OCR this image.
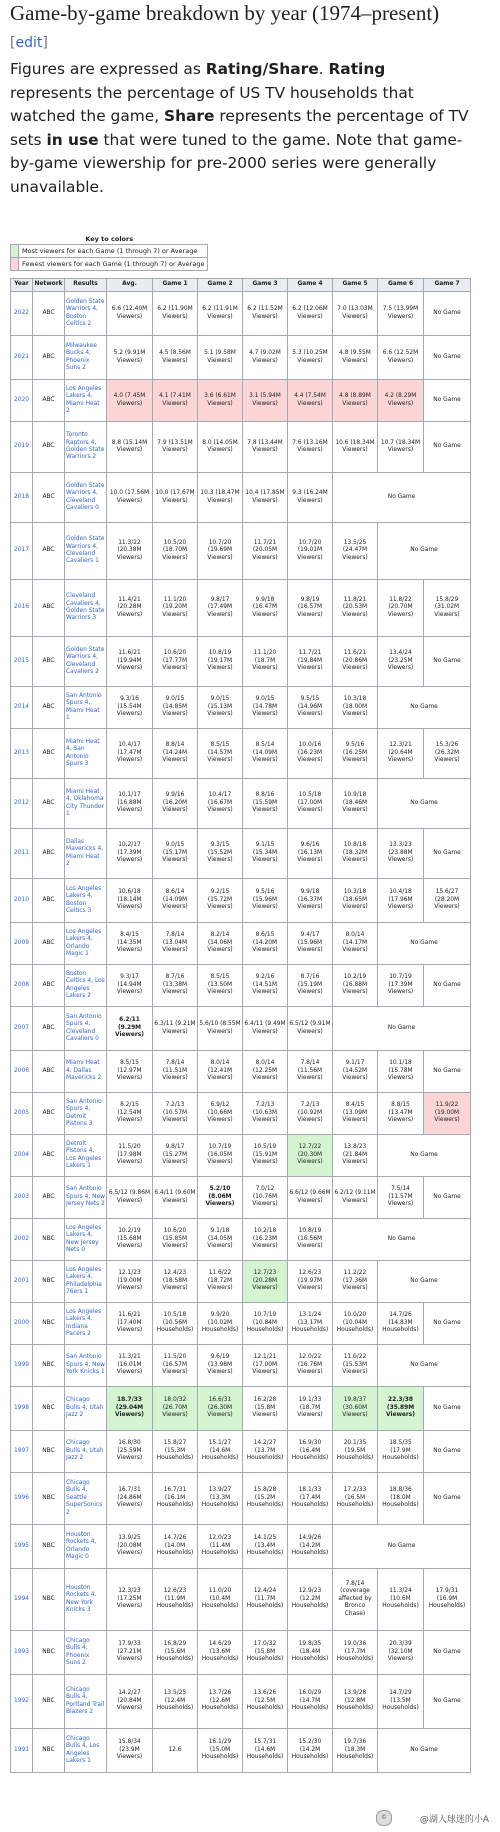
Game-by-game breakdown by year (1974–present) [edit]
Figures are expressed as Rating/Share. Rating represents the percentage of US TV households that watched the game, Share represents the percentage of TV sets in use that were tuned to the game. Note that game-by-game viewership for pre-2000 series were generally unavailable.
Key to colors
	Most viewers for each Game (1 through 7) or Average
	Fewest viewers for each Game (1 through 7) or Average
Year	Network	Results	Avg.	Game 1	Game 2	Game 3	Game 4	Game 5	Game 6	Game 7
2022	ABC	Golden State Warriors 4, Boston Celtics 2	6.6 (12.40M Viewers)	6.2 (11.90M Viewers)	6.2 (11.91M Viewers)	6.2 (11.52M Viewers)	6.2 (12.06M Viewers)	7.0 (13.03M Viewers)	7.5 (13.99M Viewers)	No Game
2021	ABC	Milwaukee Bucks 4, Phoenix Suns 2	5.2 (9.91M Viewers)	4.5 (8.56M Viewers)	5.1 (9.58M Viewers)	4.7 (9.02M Viewers)	5.3 (10.25M Viewers)	4.8 (9.55M Viewers)	6.6 (12.52M Viewers)	No Game
2020	ABC	Los Angeles Lakers 4, Miami Heat 2	4.0 (7.45M Viewers)	4.1 (7.41M Viewers)	3.6 (6.61M Viewers)	3.1 (5.94M Viewers)	4.4 (7.54M Viewers)	4.8 (8.89M Viewers)	4.2 (8.29M Viewers)	No Game
2019	ABC	Toronto Raptors 4, Golden State Warriors 2	8.8 (15.14M Viewers)	7.9 (13.51M Viewers)	8.0 (14.05M Viewers)	7.8 (13.44M Viewers)	7.6 (13.16M Viewers)	10.6 (18.34M Viewers)	10.7 (18.34M Viewers)	No Game
2018	ABC	Golden State Warriors 4, Cleveland Cavaliers 0	10.0 (17.56M Viewers)	10.0 (17.67M Viewers)	10.3 (18.47M Viewers)	10.4 (17.85M Viewers)	9.3 (16.24M Viewers)	No Game		
2017	ABC	Golden State Warriors 4, Cleveland Cavaliers 1	11.3/22 (20.38M Viewers)	10.5/20 (18.70M Viewers)	10.7/20 (19.69M Viewers)	11.7/21 (20.05M Viewers)	10.7/20 (19.01M Viewers)	13.5/25 (24.47M Viewers)	No Game	
2016	ABC	Cleveland Cavaliers 4, Golden State Warriors 3	11.4/21 (20.28M Viewers)	11.1/20 (19.20M Viewers)	9.8/17 (17.49M Viewers)	9.9/18 (16.47M Viewers)	9.8/19 (16.57M Viewers)	11.8/21 (20.53M Viewers)	11.8/22 (20.70M Viewers)	15.8/29 (31.02M Viewers)
2015	ABC	Golden State Warriors 4, Cleveland Cavaliers 2	11.6/21 (19.94M Viewers)	10.6/20 (17.77M Viewers)	10.8/19 (19.17M Viewers)	11.1/20 (18.7M Viewers)	11.7/21 (19.84M Viewers)	11.6/21 (20.86M Viewers)	13.4/24 (23.25M Viewers)	No Game
2014	ABC	San Antonio Spurs 4, Miami Heat 1	9.3/16 (15.54M Viewers)	9.0/15 (14.85M Viewers)	9.0/15 (15.13M Viewers)	9.0/15 (14.78M Viewers)	9.5/15 (14.96M Viewers)	10.3/18 (18.00M Viewers)	No Game	
2013	ABC	Miami Heat 4, San Antonio Spurs 3	10.4/17 (17.47M Viewers)	8.8/14 (14.24M Viewers)	8.5/15 (14.57M Viewers)	8.5/14 (14.09M Viewers)	10.0/16 (16.23M Viewers)	9.5/16 (16.25M Viewers)	12.3/21 (20.64M Viewers)	15.3/26 (26.32M Viewers)
2012	ABC	Miami Heat 4, Oklahoma City Thunder 1	10.1/17 (16.88M Viewers)	9.9/16 (16.20M Viewers)	10.4/17 (16.67M Viewers)	8.8/16 (15.59M Viewers)	10.5/18 (17.00M Viewers)	10.9/18 (18.46M Viewers)	No Game	
2011	ABC	Dallas Mavericks 4, Miami Heat 2	10.2/17 (17.39M Viewers)	9.0/15 (15.17M Viewers)	9.3/15 (15.52M Viewers)	9.1/15 (15.34M Viewers)	9.6/16 (16.13M Viewers)	10.8/18 (18.32M Viewers)	13.3/23 (23.88M Viewers)	No Game
2010	ABC	Los Angeles Lakers 4, Boston Celtics 3	10.6/18 (18.14M Viewers)	8.6/14 (14.09M Viewers)	9.2/15 (15.72M Viewers)	9.5/16 (15.96M Viewers)	9.9/18 (16.37M Viewers)	10.3/18 (18.65M Viewers)	10.4/18 (17.96M Viewers)	15.6/27 (28.20M Viewers)
2009	ABC	Los Angeles Lakers 4, Orlando Magic 1	8.4/15 (14.35M Viewers)	7.8/14 (13.04M Viewers)	8.2/14 (14.06M Viewers)	8.6/15 (14.20M Viewers)	9.4/17 (15.96M Viewers)	8.0/14 (14.17M Viewers)	No Game	
2008	ABC	Boston Celtics 4, Los Angeles Lakers 2	9.3/17 (14.94M Viewers)	8.7/16 (13.38M Viewers)	8.5/15 (13.50M Viewers)	9.2/16 (14.51M Viewers)	8.7/16 (15.19M Viewers)	10.2/19 (16.88M Viewers)	10.7/19 (17.39M Viewers)	No Game
2007	ABC	San Antonio Spurs 4, Cleveland Cavaliers 0	6.2/11 (9.29M Viewers)	6.3/11 (9.21M Viewers)	5.6/10 (8.55M Viewers)	6.4/11 (9.49M Viewers)	6.5/12 (9.91M Viewers)	No Game		
2006	ABC	Miami Heat 4, Dallas Mavericks 2	8.5/15 (12.97M Viewers)	7.8/14 (11.51M Viewers)	8.0/14 (12.41M Viewers)	8.0/14 (12.25M Viewers)	7.8/14 (11.56M Viewers)	9.1/17 (14.52M Viewers)	10.1/18 (15.78M Viewers)	No Game
2005	ABC	San Antonio Spurs 4, Detroit Pistons 3	8.2/15 (12.54M Viewers)	7.2/13 (10.57M Viewers)	6.9/12 (10.66M Viewers)	7.2/13 (10.63M Viewers)	7.2/13 (10.92M Viewers)	8.4/15 (13.09M Viewers)	8.8/15 (13.47M Viewers)	11.9/22 (19.00M Viewers)
2004	ABC	Detroit Pistons 4, Los Angeles Lakers 1	11.5/20 (17.98M Viewers)	9.8/17 (15.27M Viewers)	10.7/19 (16.05M Viewers)	10.5/19 (15.91M Viewers)	12.7/22 (20.30M Viewers)	13.8/23 (21.84M Viewers)	No Game	
2003	ABC	San Antonio Spurs 4, New Jersey Nets 2	6.5/12 (9.86M Viewers)	6.4/11 (9.60M Viewers)	5.2/10 (8.06M Viewers)	7.0/12 (10.76M Viewers)	6.6/12 (9.66M Viewers)	6.2/12 (9.11M Viewers)	7.5/14 (11.57M Viewers)	No Game
2002	NBC	Los Angeles Lakers 4, New Jersey Nets 0	10.2/19 (15.68M Viewers)	10.6/20 (15.85M Viewers)	9.1/18 (14.05M Viewers)	10.2/18 (16.23M Viewers)	10.8/19 (16.56M Viewers)	No Game		
2001	NBC	Los Angeles Lakers 4, Philadelphia 76ers 1	12.1/23 (19.00M Viewers)	12.4/23 (18.58M Viewers)	11.6/22 (18.72M Viewers)	12.7/23 (20.28M Viewers)	12.6/23 (19.97M Viewers)	11.2/22 (17.36M Viewers)	No Game	
2000	NBC	Los Angeles Lakers 4, Indiana Pacers 2	11.6/21 (17.40M Viewers)	10.5/18 (10.56M Households)	9.9/20 (10.02M Households)	10.7/19 (10.84M Households)	13.1/24 (13.17M Households)	10.0/20 (10.04M Households)	14.7/26 (14.83M Households)	No Game
1999	NBC	San Antonio Spurs 4, New York Knicks 1	11.3/21 (16.01M Viewers)	11.5/20 (16.57M Viewers)	9.6/19 (13.98M Viewers)	12.1/21 (17.00M Viewers)	12.0/22 (16.76M Viewers)	11.0/22 (15.53M Viewers)	No Game	
1998	NBC	Chicago Bulls 4, Utah Jazz 2	18.7/33 (29.04M Viewers)	18.0/32 (26.70M Viewers)	16.6/31 (26.30M Viewers)	16.2/28 (15.8M Viewers)	19.1/33 (18.7M Viewers)	19.8/37 (30.60M Viewers)	22.3/38 (35.89M Viewers)	No Game
1997	NBC	Chicago Bulls 4, Utah Jazz 2	16.8/30 (25.59M Viewers)	15.8/27 (15.3M Households)	15.1/27 (14.6M Households)	14.2/27 (13.7M Households)	16.9/30 (16.4M Households)	20.1/35 (19.5M Households)	18.5/35 (17.9M Households)	No Game
1996	NBC	Chicago Bulls 4, Seattle SuperSonics 2	16.7/31 (24.86M Viewers)	16.7/31 (16.1M Households)	13.9/27 (13.3M Households)	15.8/28 (15.2M Households)	18.1/33 (17.4M Households)	17.2/33 (16.5M Households)	18.8/36 (18.0M Households)	No Game
1995	NBC	Houston Rockets 4, Orlando Magic 0	13.9/25 (20.08M Viewers)	14.7/26 (14.0M Households)	12.0/23 (11.4M Households)	14.1/25 (13.4M Households)	14.9/26 (14.2M Households)	No Game		
1994	NBC	Houston Rockets 4, New York Knicks 3	12.3/23 (17.25M Viewers)	12.6/23 (11.9M Households)	11.0/20 (10.4M Households)	12.4/24 (11.7M Households)	12.9/23 (12.2M Households)	7.8/14 (coverage affected by Bronco Chase)	11.3/24 (10.6M Households)	17.9/31 (16.9M Households)
1993	NBC	Chicago Bulls 4, Phoenix Suns 2	17.9/33 (27.21M Viewers)	16.8/29 (15.6M Households)	14.6/29 (13.6M Households)	17.0/32 (15.8M Households)	19.8/35 (18.4M Households)	19.0/36 (17.7M Households)	20.3/39 (32.10M Viewers)	No Game
1992	NBC	Chicago Bulls 4, Portland Trail Blazers 2	14.2/27 (20.84M Viewers)	13.5/25 (12.4M Households)	13.7/26 (12.6M Households)	13.6/26 (12.5M Households)	16.0/29 (14.7M Households)	13.9/28 (12.8M Households)	14.7/29 (13.5M Households)	No Game
1991	NBC	Chicago Bulls 4, Los Angeles Lakers 1	15.8/34 (23.9M Viewers)	12.6	16.1/29 (15.0M Households)	15.7/31 (14.6M Households)	15.2/30 (14.2M Households)	19.7/36 (18.3M Households)	No Game	
©	@湖人球迷的小A
